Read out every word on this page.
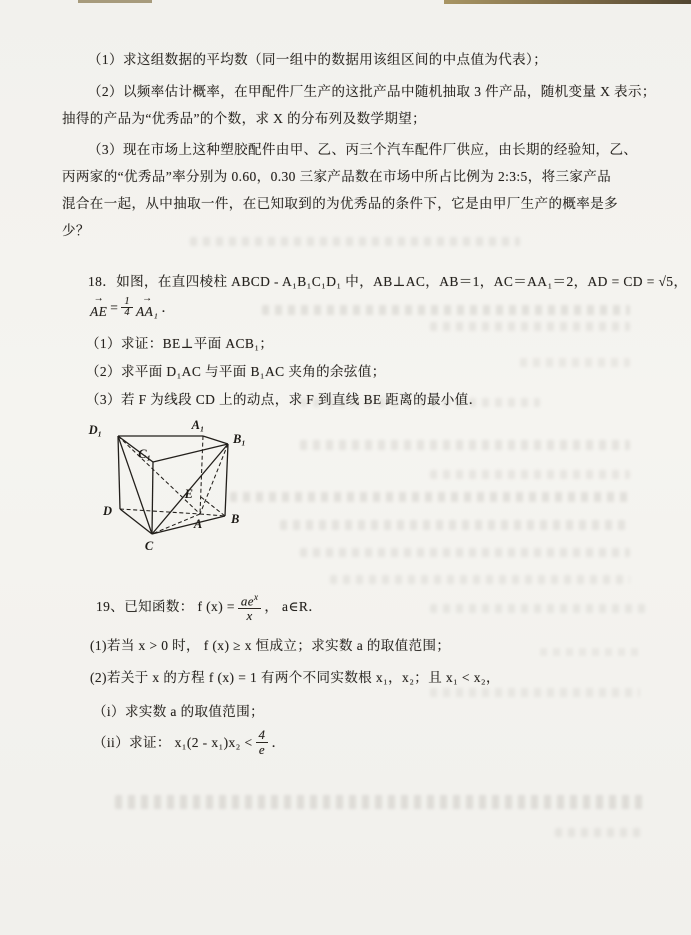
（1）求这组数据的平均数（同一组中的数据用该组区间的中点值为代表）；
（2）以频率估计概率，在甲配件厂生产的这批产品中随机抽取 3 件产品，随机变量 X 表示；
抽得的产品为“优秀品”的个数，求 X 的分布列及数学期望；
（3）现在市场上这种塑胶配件由甲、乙、丙三个汽车配件厂供应，由长期的经验知，乙、
丙两家的“优秀品”率分别为 0.60，0.30 三家产品数在市场中所占比例为 2:3:5，将三家产品
混合在一起，从中抽取一件，在已知取到的为优秀品的条件下，它是由甲厂生产的概率是多
少？
18．如图，在直四棱柱 ABCD - A₁B₁C₁D₁ 中，AB⊥AC，AB＝1，AC＝AA₁＝2，AD = CD = √5，
→
AE = $\frac{1}{4}$ →
AA₁ ．
（1）求证：BE⊥平面 ACB₁；
（2）求平面 D₁AC 与平面 B₁AC 夹角的余弦值；
（3）若 F 为线段 CD 上的动点，求 F 到直线 BE 距离的最小值．
D₁	A₁
B₁
C₁
D
A B
C
E
19、已知函数： f $(x) = \frac{ae^x}{x}$ ， a∈R．
(1)若当 x > 0 时， f (x) ≥ x 恒成立；求实数 a 的取值范围；
(2)若关于 x 的方程 f (x) = 1 有两个不同实数根 x₁，x₂；且 x₁ < x₂，
（i）求实数 a 的取值范围；
（ii）求证： $x_1(2 - x_1)x_2 < \frac{4}{e}$ ．
